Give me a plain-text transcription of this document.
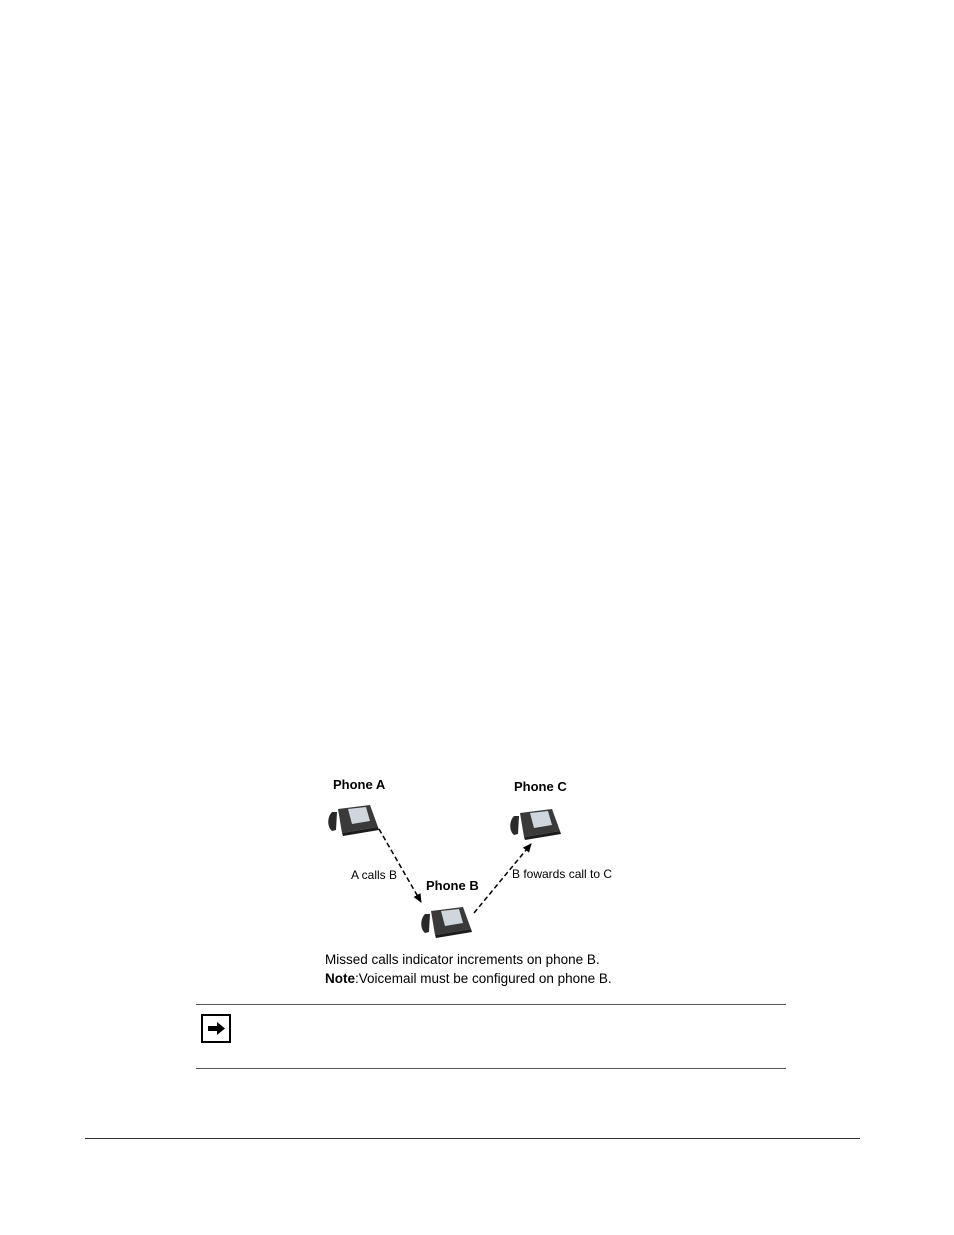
Phone A	Phone C
Phone B
A calls B	B fowards call to C
Missed calls indicator increments on phone B.
Note:Voicemail must be configured on phone B.
